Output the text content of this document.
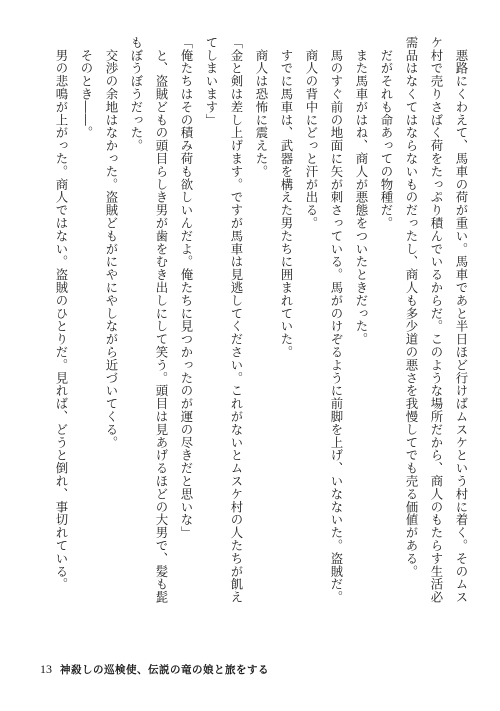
　悪路にくわえて、馬車の荷が重い。馬車であと半日ほど行けばムスケという村に着く。そのムス

ケ村で売りさばく荷をたっぷり積んでいるからだ。このような場所だから、商人のもたらす生活必

需品はなくてはならないものだったし、商人も多少道の悪さを我慢してでも売る価値がある。

　だがそれも命あっての物種だ。

　また馬車がはね、商人が悪態をついたときだった。

　馬のすぐ前の地面に矢が刺さっている。馬がのけぞるように前脚を上げ、いなないた。盗賊だ。

　商人の背中にどっと汗が出る。

　すでに馬車は、武器を構えた男たちに囲まれていた。

　商人は恐怖に震えた。

「金と剣は差し上げます。ですが馬車は見逃してください。これがないとムスケ村の人たちが飢え

てしまいます」

「俺たちはその積み荷も欲しいんだよ。俺たちに見つかったのが運の尽きだと思いな」

　と、盗賊どもの頭目らしき男が歯をむき出しにして笑う。頭目は見あげるほどの大男で、髪も髭

もぼうぼうだった。

　交渉の余地はなかった。盗賊どもがにやにやしながら近づいてくる。

　そのとき――。

　男の悲鳴が上がった。商人ではない。盗賊のひとりだ。見れば、どうと倒れ、事切れている。

13 神殺しの巡検使、伝説の竜の娘と旅をする
